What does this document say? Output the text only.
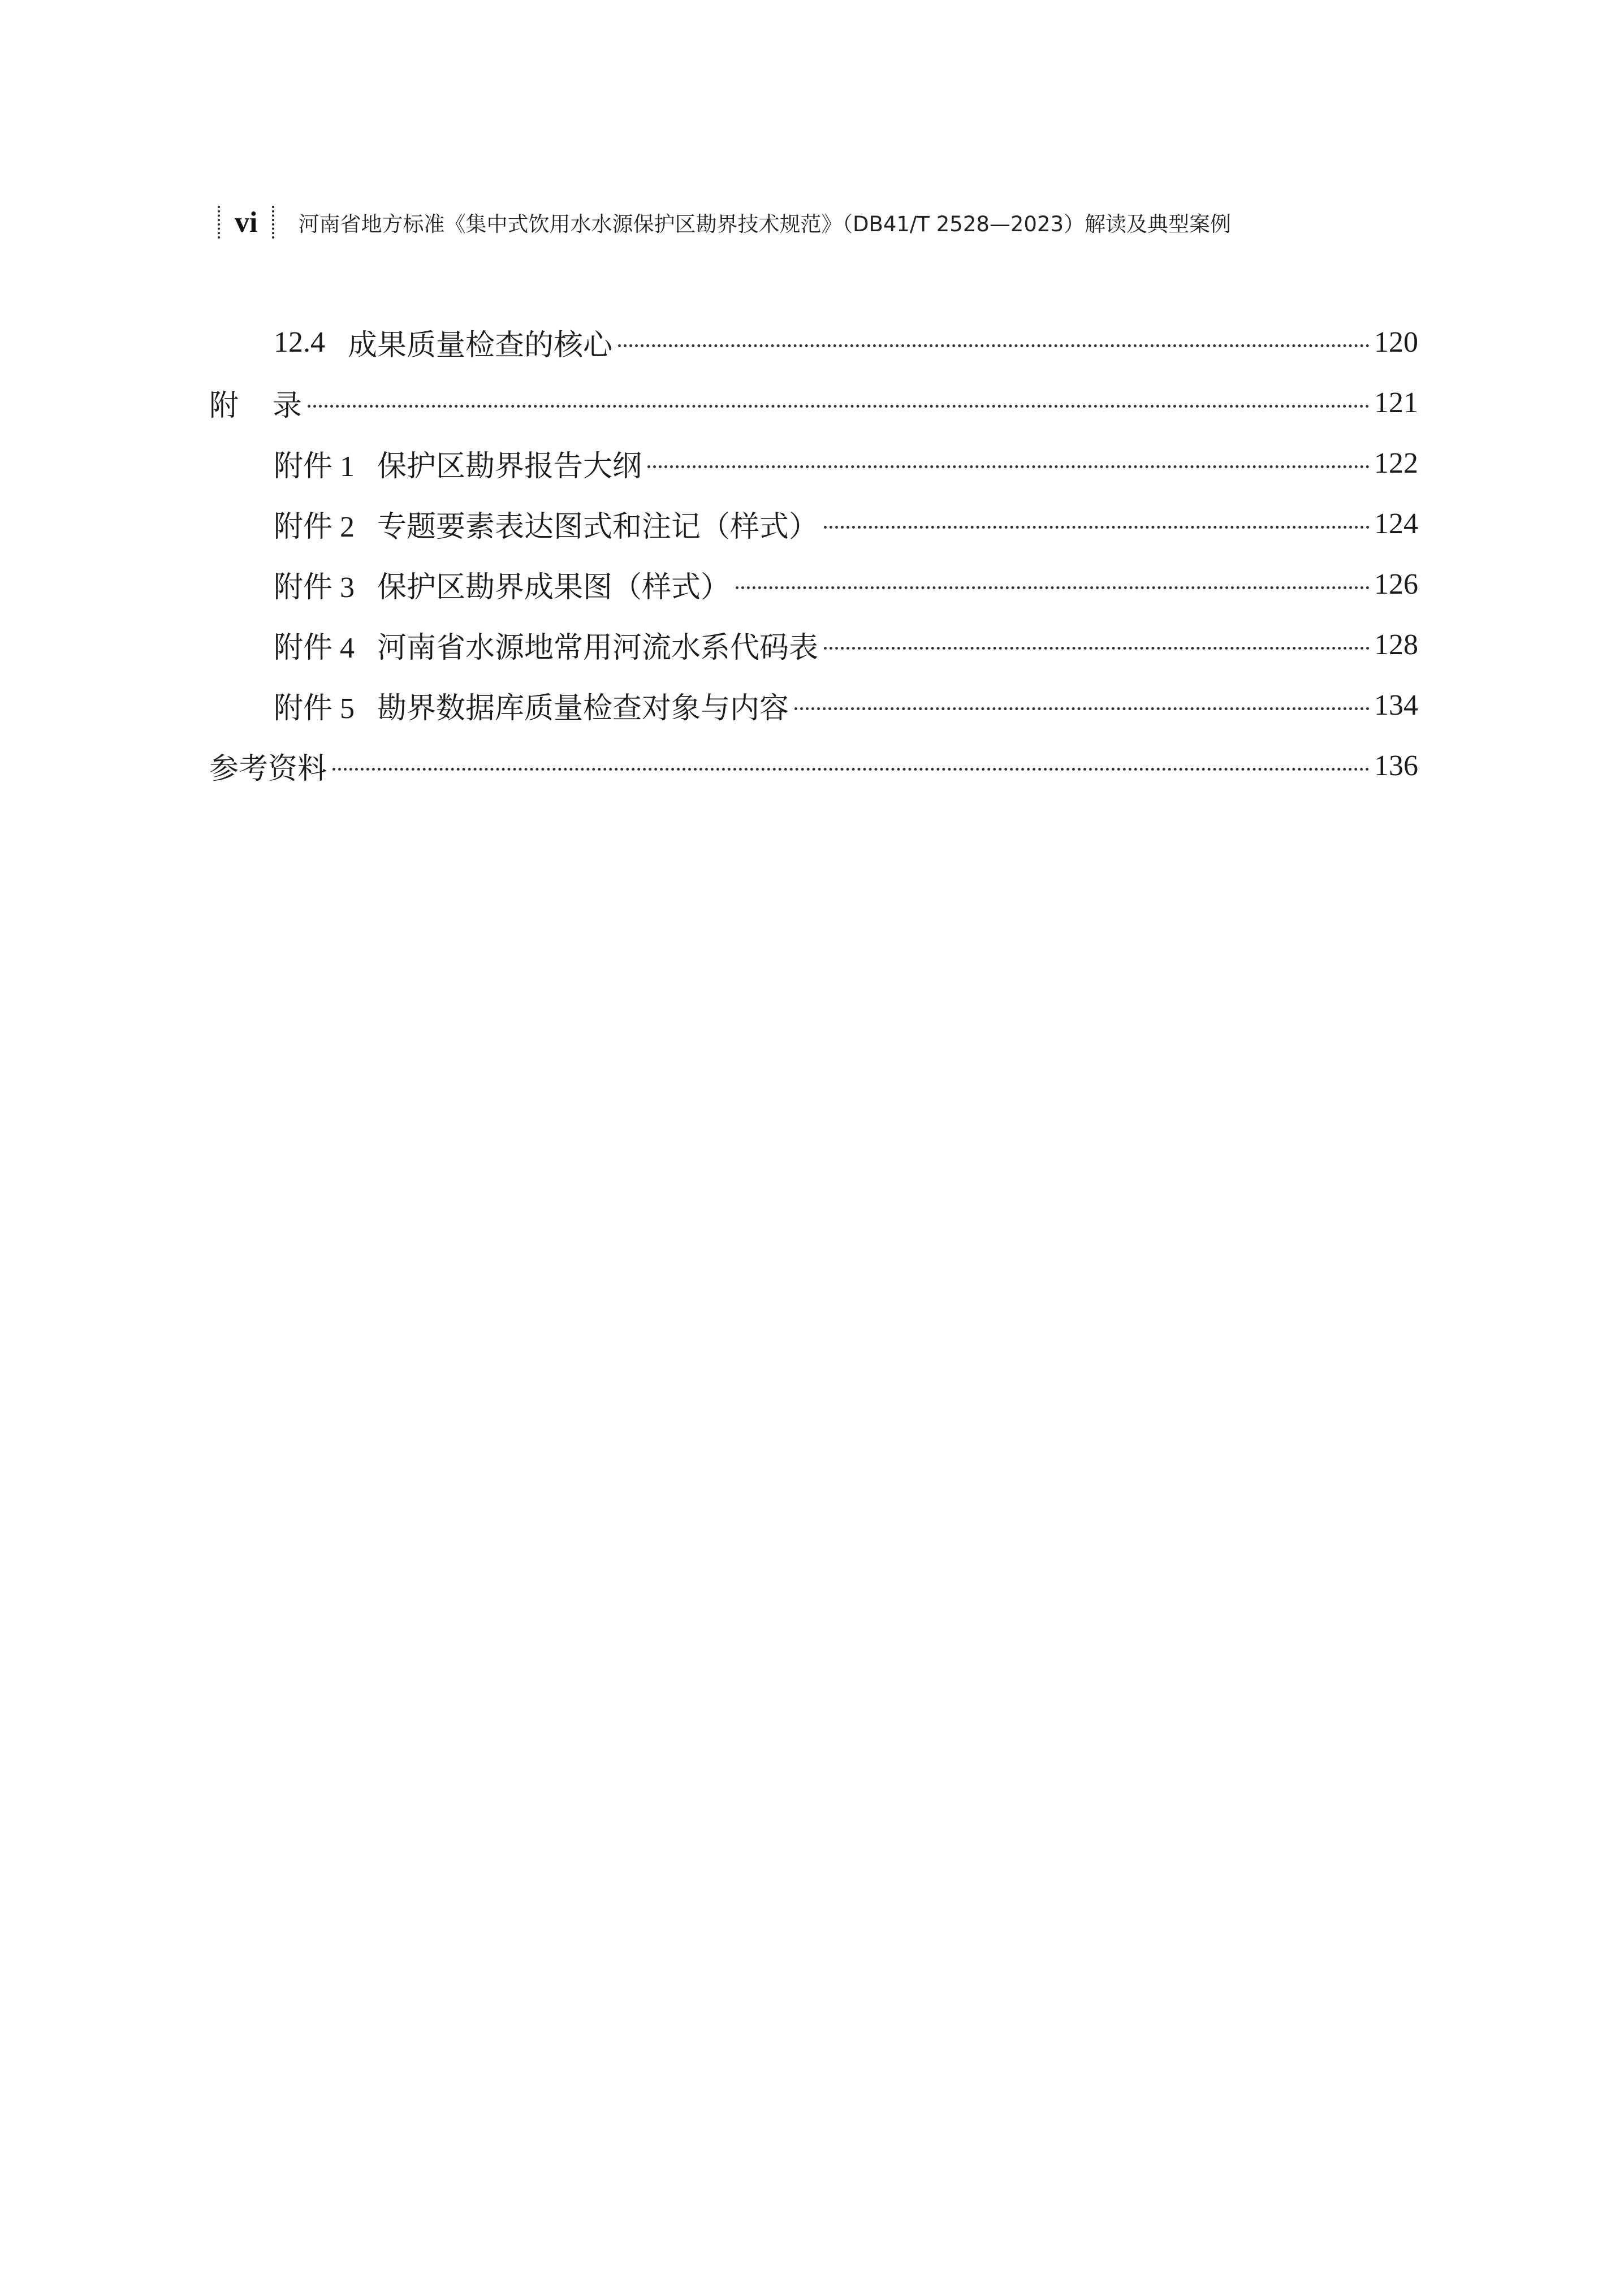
vi 河南省地方标准《集中式饮用水水源保护区勘界技术规范》（DB41/T 2528—2023）解读及典型案例
12.4 成果质量检查的核心	120
附 录	121
附件 1 保护区勘界报告大纲	122
附件 2 专题要素表达图式和注记（样式）	124
附件 3 保护区勘界成果图（样式）	126
附件 4 河南省水源地常用河流水系代码表	128
附件 5 勘界数据库质量检查对象与内容	134
参考资料	136
